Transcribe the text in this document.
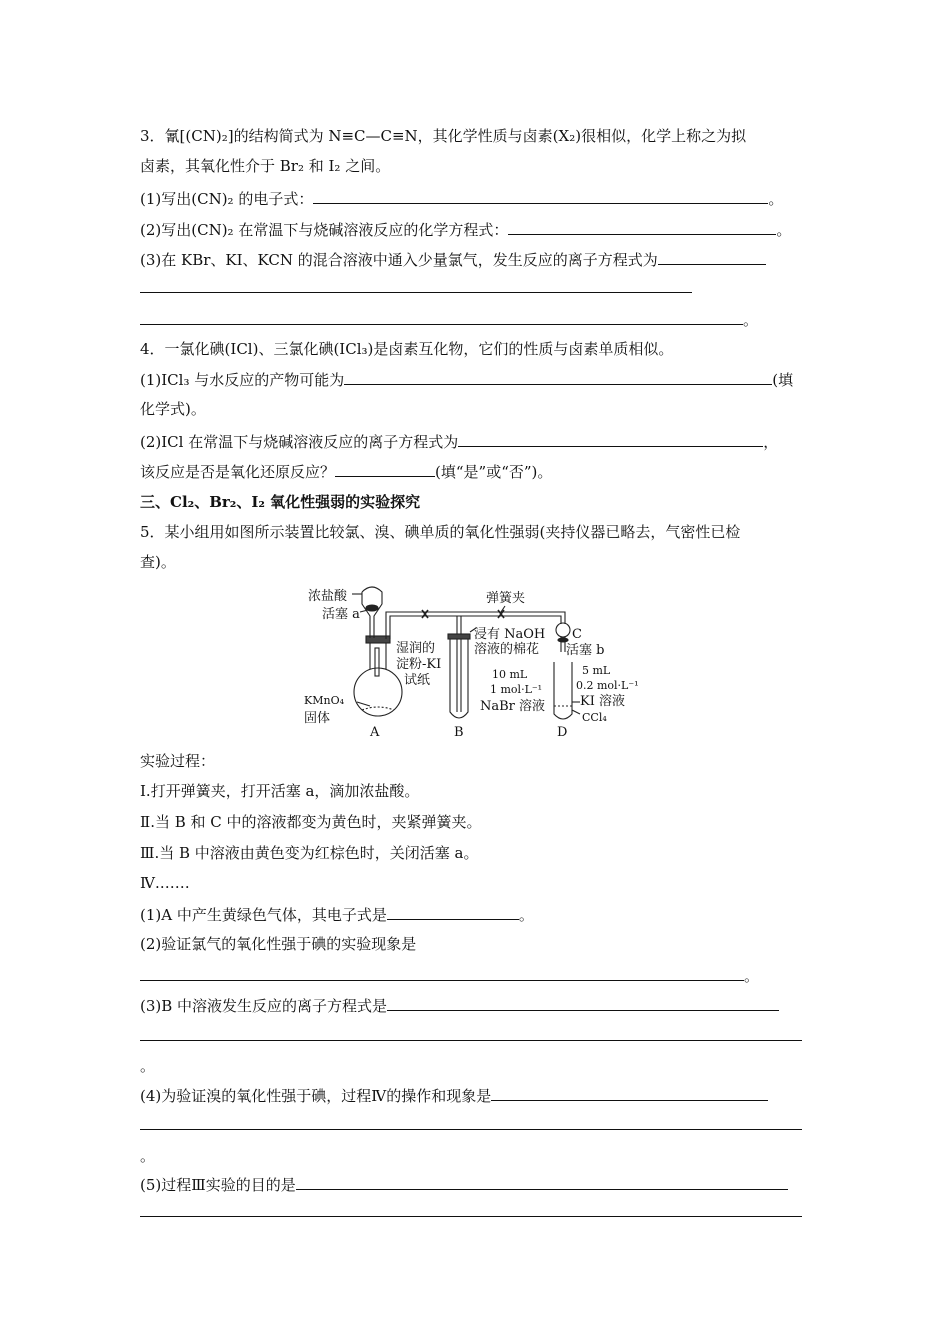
3．氰[(CN)₂]的结构简式为 N≡C—C≡N，其化学性质与卤素(X₂)很相似，化学上称之为拟
卤素，其氧化性介于 Br₂ 和 I₂ 之间。
(1)写出(CN)₂ 的电子式：	。
(2)写出(CN)₂ 在常温下与烧碱溶液反应的化学方程式：	。
(3)在 KBr、KI、KCN 的混合溶液中通入少量氯气，发生反应的离子方程式为
。
4．一氯化碘(ICl)、三氯化碘(ICl₃)是卤素互化物，它们的性质与卤素单质相似。
(1)ICl₃ 与水反应的产物可能为	(填
化学式)。
(2)ICl 在常温下与烧碱溶液反应的离子方程式为	，
该反应是否是氧化还原反应？	(填“是”或“否”)。
三、Cl₂、Br₂、I₂ 氧化性强弱的实验探究
5．某小组用如图所示装置比较氯、溴、碘单质的氧化性强弱(夹持仪器已略去，气密性已检
查)。
浓盐酸
活塞 a
弹簧夹
湿润的
淀粉-KI
试纸
KMnO₄
固体
A
浸有 NaOH
溶液的棉花
C
活塞 b
10 mL
1 mol·L⁻¹
NaBr 溶液
B
5 mL
0.2 mol·L⁻¹
KI 溶液
CCl₄
D
实验过程：
Ⅰ.打开弹簧夹，打开活塞 a，滴加浓盐酸。
Ⅱ.当 B 和 C 中的溶液都变为黄色时，夹紧弹簧夹。
Ⅲ.当 B 中溶液由黄色变为红棕色时，关闭活塞 a。
Ⅳ.……
(1)A 中产生黄绿色气体，其电子式是	。
(2)验证氯气的氧化性强于碘的实验现象是
。
(3)B 中溶液发生反应的离子方程式是
。
(4)为验证溴的氧化性强于碘，过程Ⅳ的操作和现象是
。
(5)过程Ⅲ实验的目的是
